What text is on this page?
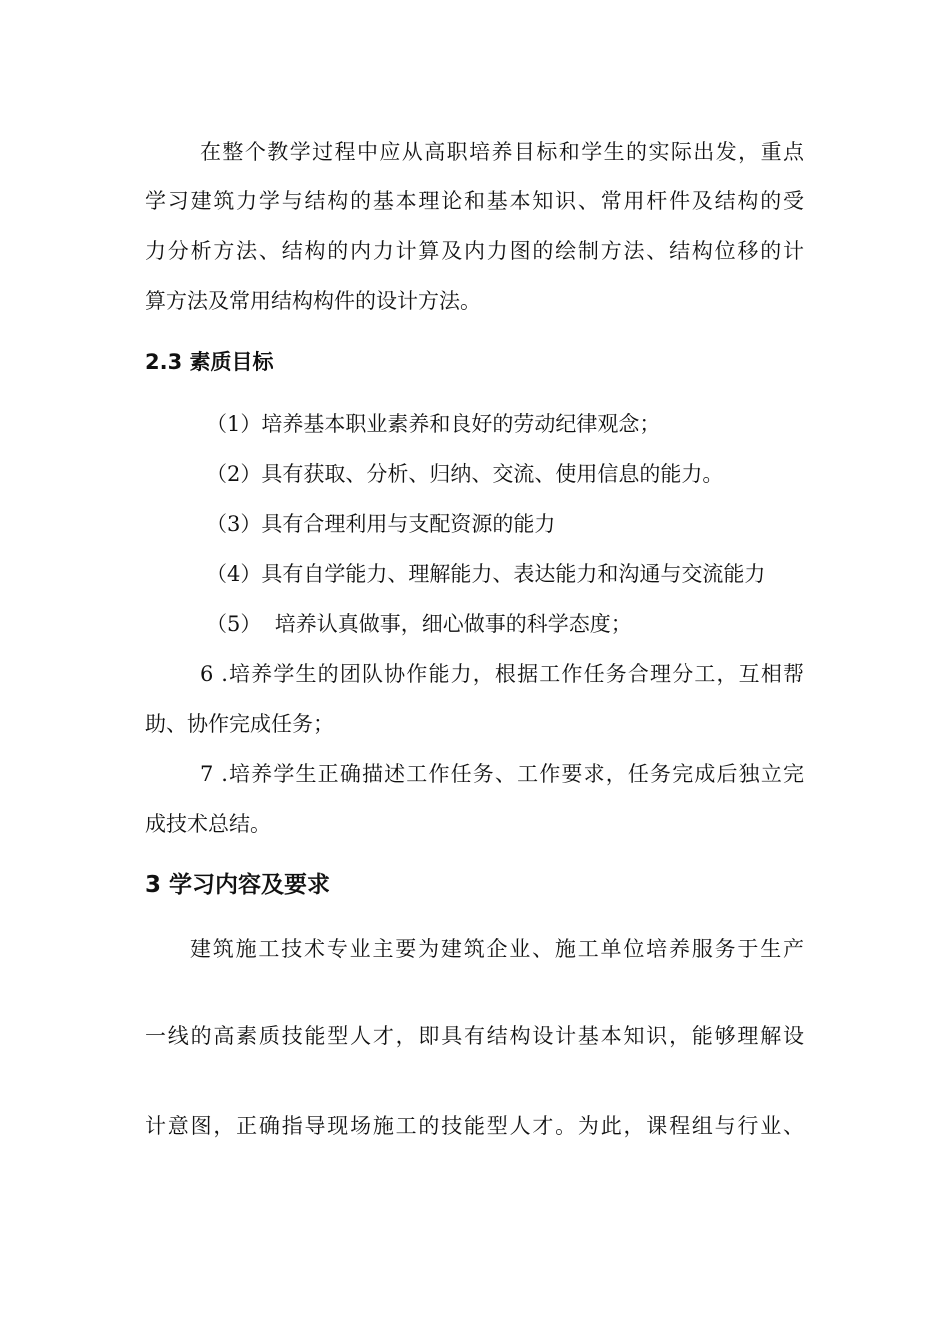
在整个教学过程中应从高职培养目标和学生的实际出发，重点

学习建筑力学与结构的基本理论和基本知识、常用杆件及结构的受

力分析方法、结构的内力计算及内力图的绘制方法、结构位移的计

算方法及常用结构构件的设计方法。

2.3 素质目标

（1）培养基本职业素养和良好的劳动纪律观念；

（2）具有获取、分析、归纳、交流、使用信息的能力。

（3）具有合理利用与支配资源的能力

（4）具有自学能力、理解能力、表达能力和沟通与交流能力

（5）  培养认真做事，细心做事的科学态度；

6 .培养学生的团队协作能力，根据工作任务合理分工，互相帮

助、协作完成任务；

7 .培养学生正确描述工作任务、工作要求，任务完成后独立完

成技术总结。

3 学习内容及要求

建筑施工技术专业主要为建筑企业、施工单位培养服务于生产

一线的高素质技能型人才，即具有结构设计基本知识，能够理解设

计意图，正确指导现场施工的技能型人才。为此，课程组与行业、
